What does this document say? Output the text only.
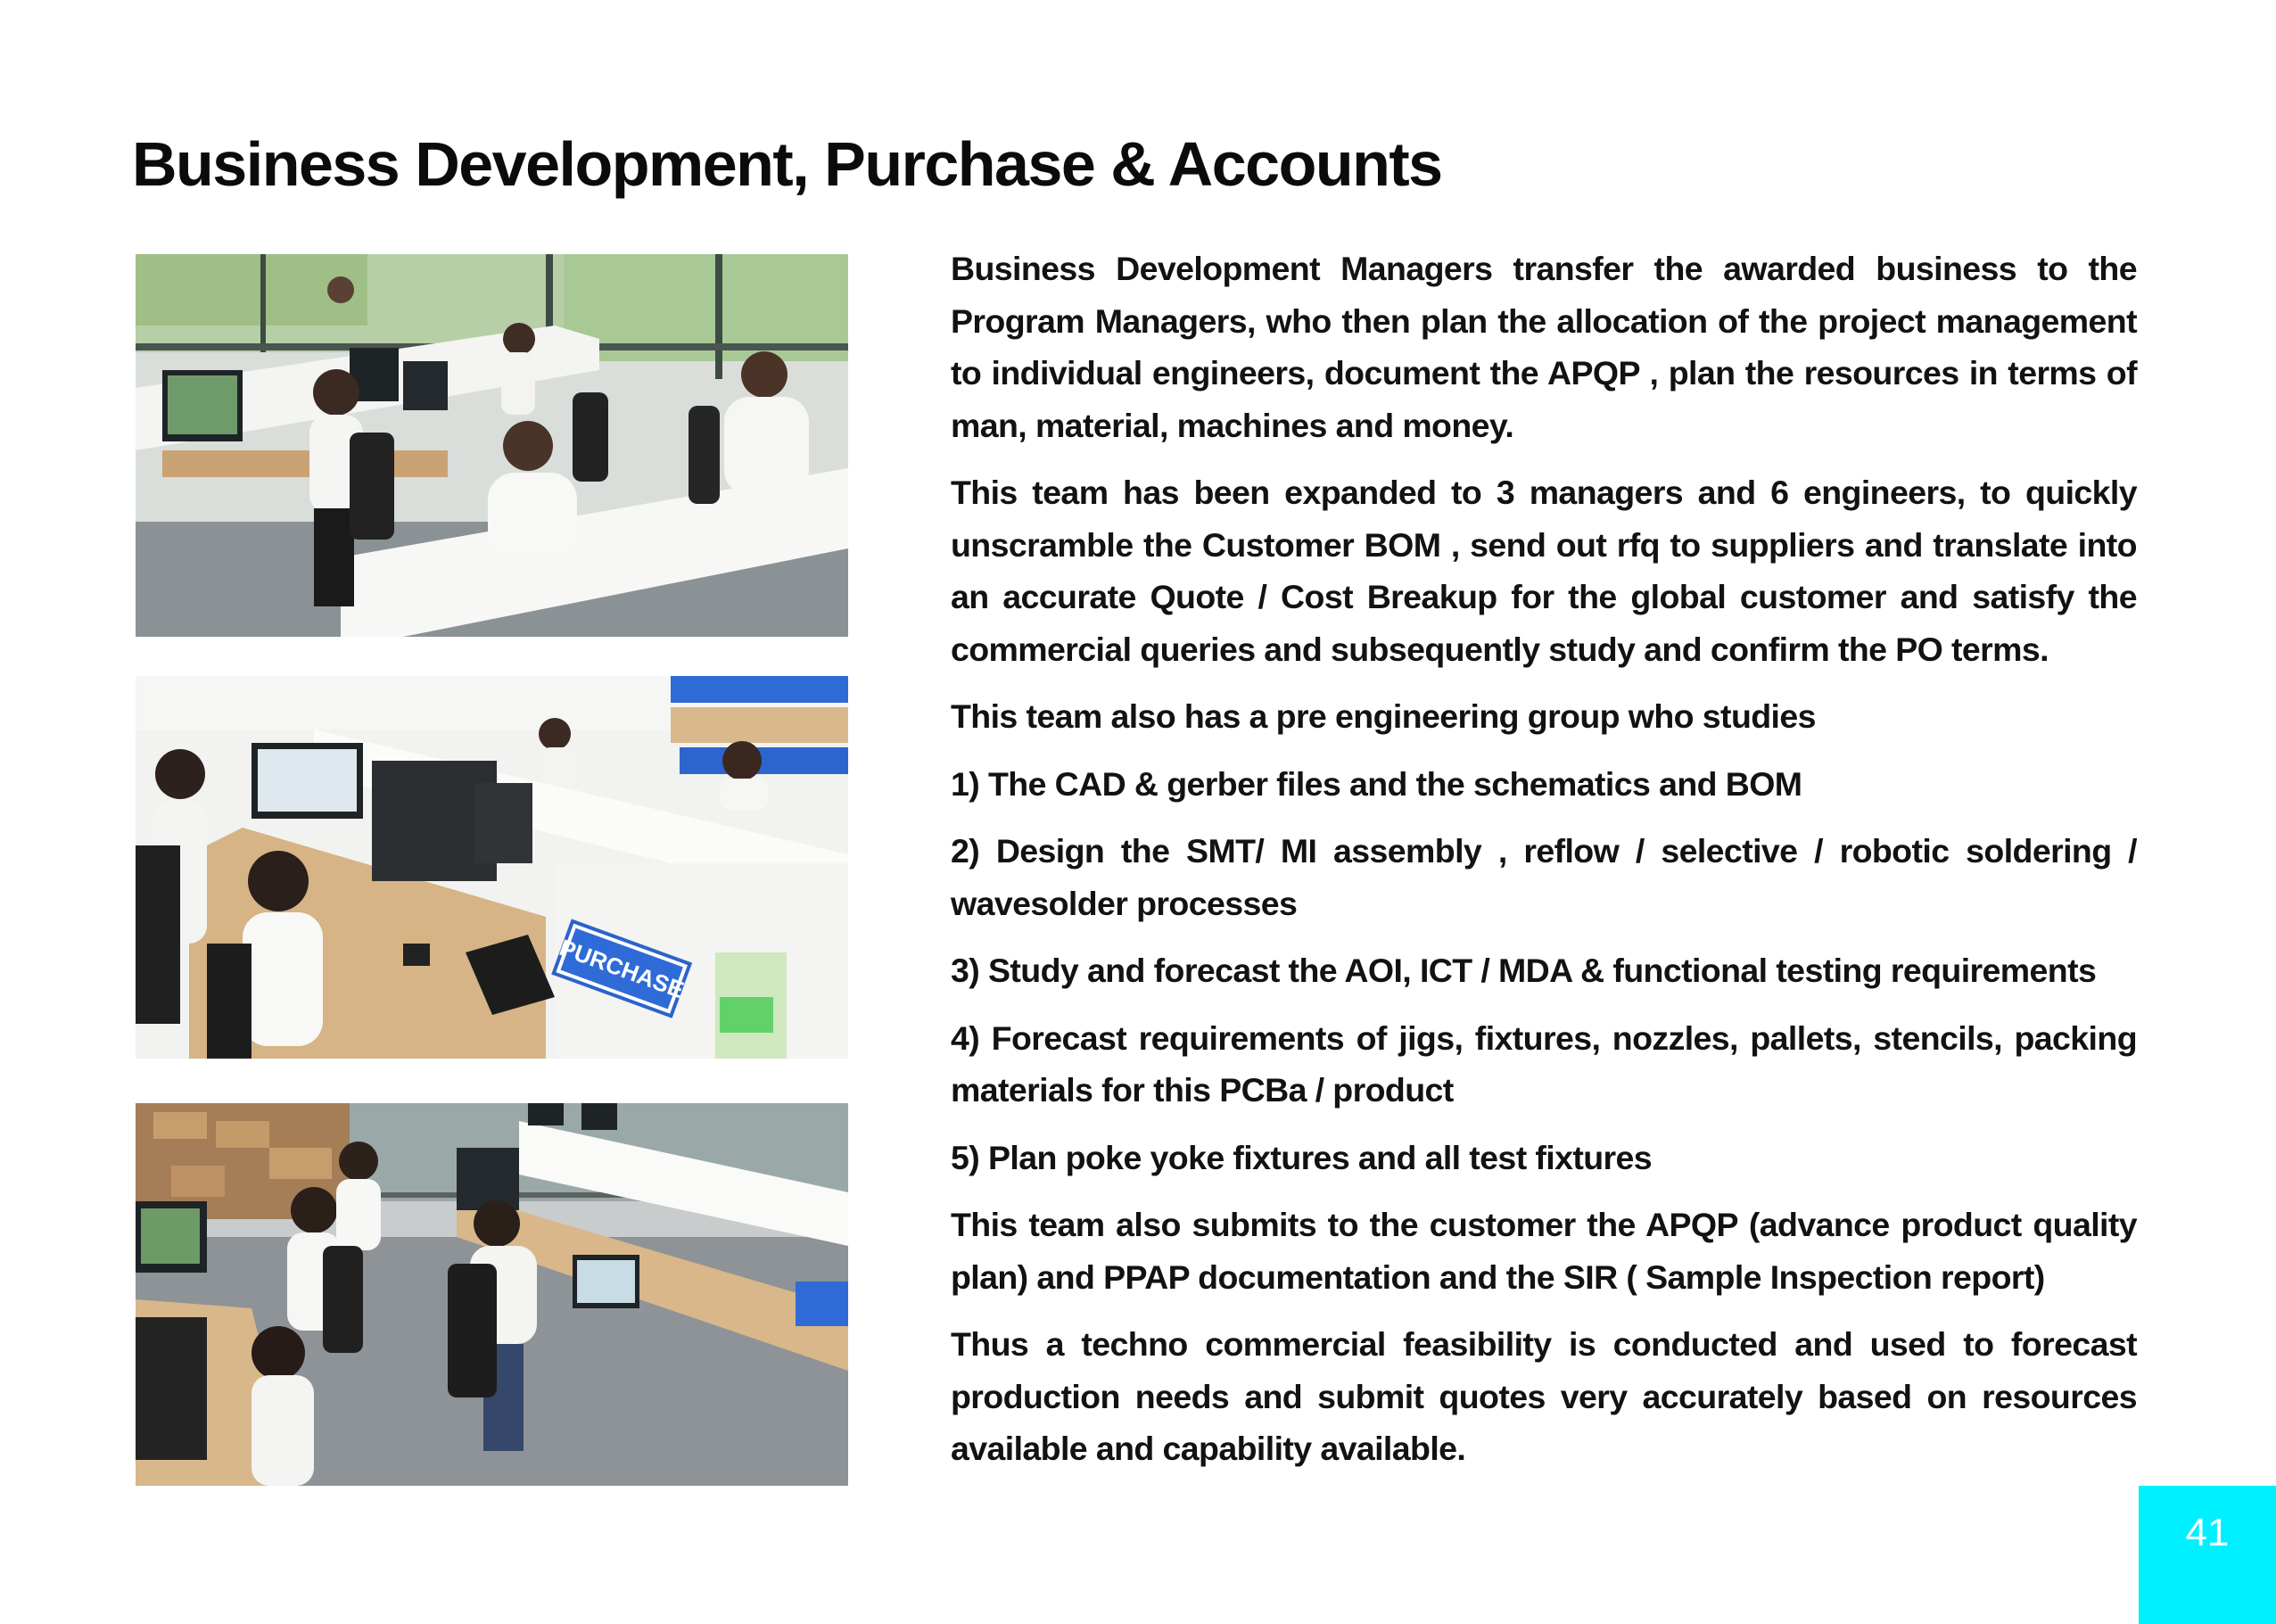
Business Development, Purchase & Accounts
PURCHASE

Business Development Managers transfer the awarded business to the Program Managers, who then plan the allocation of the project management to individual engineers, document the APQP , plan the resources in terms of man, material, machines and money.

This team has been expanded to 3 managers and 6 engineers, to quickly unscramble the Customer BOM , send out rfq to suppliers and translate into an accurate Quote / Cost Breakup for the global customer and satisfy the commercial queries and subsequently study and confirm the PO terms.

This team also has a pre engineering group who studies

1) The CAD & gerber files and the schematics and BOM

2) Design the SMT/ MI assembly , reflow / selective / robotic soldering / wavesolder processes

3) Study and forecast the AOI, ICT / MDA & functional testing requirements

4) Forecast requirements of jigs, fixtures, nozzles, pallets, stencils, packing materials for this PCBa / product

5) Plan poke yoke fixtures and all test fixtures

This team also submits to the customer the APQP (advance product quality plan) and PPAP documentation and the SIR ( Sample Inspection report)

Thus a techno commercial feasibility is conducted and used to forecast production needs and submit quotes very accurately based on resources available and capability available.

41
